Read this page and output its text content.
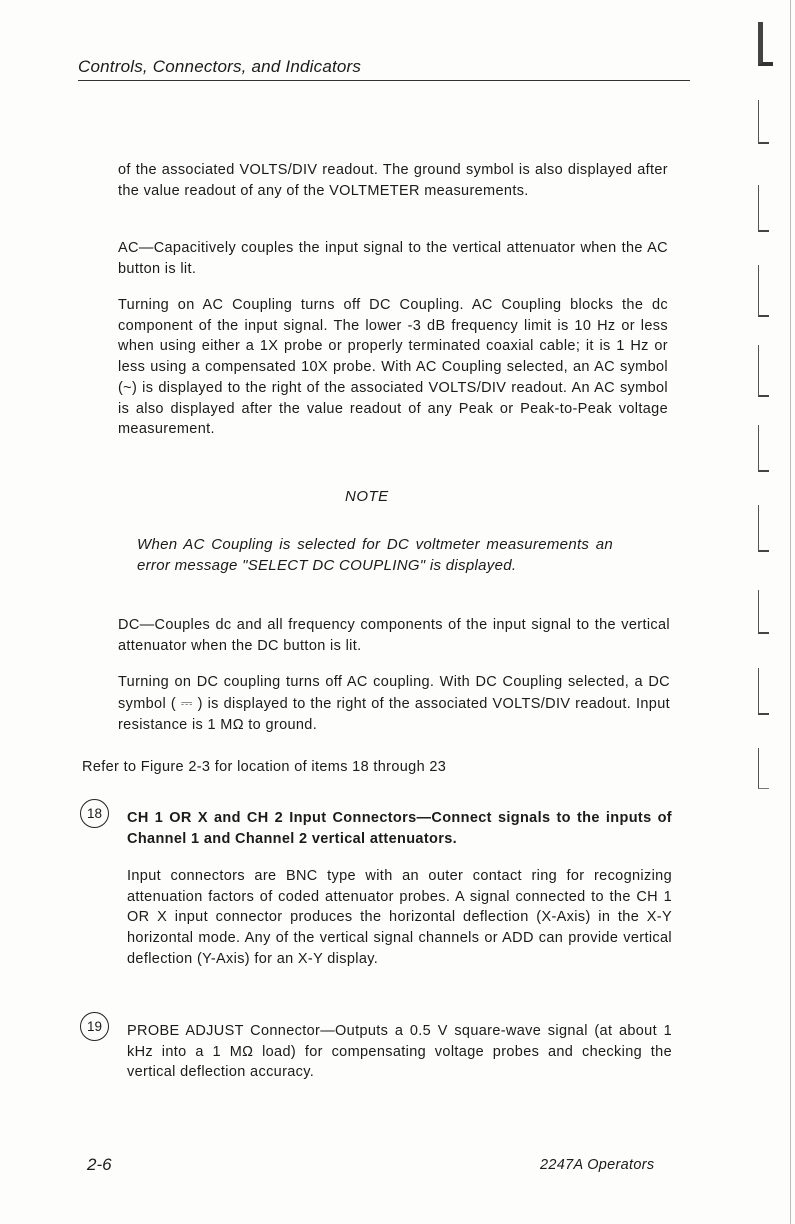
Controls, Connectors, and Indicators

of the associated VOLTS/DIV readout. The ground symbol is also displayed after the value readout of any of the VOLTMETER measurements.

AC—Capacitively couples the input signal to the vertical attenuator when the AC button is lit.

Turning on AC Coupling turns off DC Coupling. AC Coupling blocks the dc component of the input signal. The lower -3 dB frequency limit is 10 Hz or less when using either a 1X probe or properly terminated coaxial cable; it is 1 Hz or less using a compensated 10X probe. With AC Coupling selected, an AC symbol (~) is displayed to the right of the associated VOLTS/DIV readout. An AC symbol is also displayed after the value readout of any Peak or Peak-to-Peak voltage measurement.

NOTE
When AC Coupling is selected for DC voltmeter measurements an error message "SELECT DC COUPLING" is displayed.

DC—Couples dc and all frequency components of the input signal to the vertical attenuator when the DC button is lit.

Turning on DC coupling turns off AC coupling. With DC Coupling selected, a DC symbol ( ⎓ ) is displayed to the right of the associated VOLTS/DIV readout. Input resistance is 1 MΩ to ground.

Refer to Figure 2-3 for location of items 18 through 23

18	CH 1 OR X and CH 2 Input Connectors—Connect signals to the inputs of Channel 1 and Channel 2 vertical attenuators.

Input connectors are BNC type with an outer contact ring for recognizing attenuation factors of coded attenuator probes. A signal connected to the CH 1 OR X input connector produces the horizontal deflection (X-Axis) in the X-Y horizontal mode. Any of the vertical signal channels or ADD can provide vertical deflection (Y-Axis) for an X-Y display.

19	PROBE ADJUST Connector—Outputs a 0.5 V square-wave signal (at about 1 kHz into a 1 MΩ load) for compensating voltage probes and checking the vertical deflection accuracy.

2-6	2247A Operators
